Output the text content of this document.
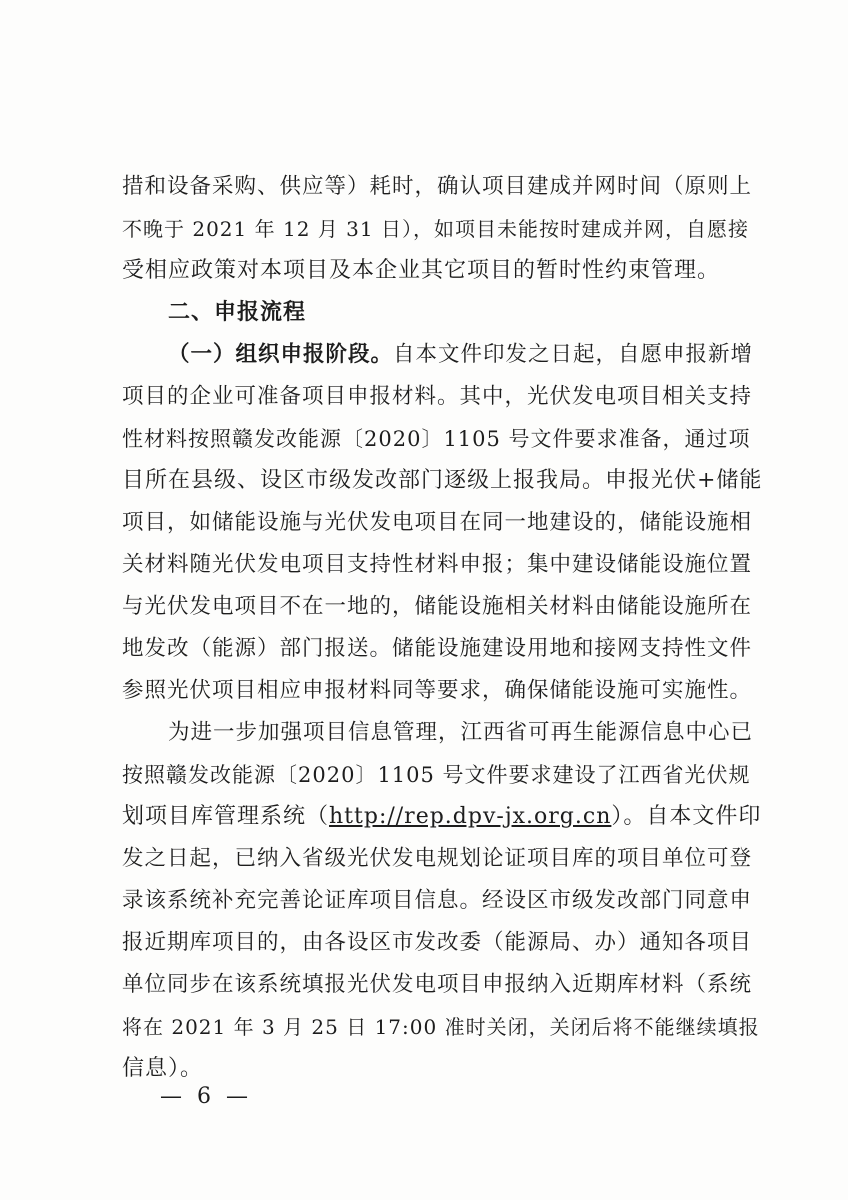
措和设备采购、供应等）耗时，确认项目建成并网时间（原则上
不晚于 2021 年 12 月 31 日），如项目未能按时建成并网，自愿接
受相应政策对本项目及本企业其它项目的暂时性约束管理。
二、申报流程
（一）组织申报阶段。自本文件印发之日起，自愿申报新增
项目的企业可准备项目申报材料。其中，光伏发电项目相关支持
性材料按照赣发改能源〔2020〕1105 号文件要求准备，通过项
目所在县级、设区市级发改部门逐级上报我局。申报光伏+储能
项目，如储能设施与光伏发电项目在同一地建设的，储能设施相
关材料随光伏发电项目支持性材料申报；集中建设储能设施位置
与光伏发电项目不在一地的，储能设施相关材料由储能设施所在
地发改（能源）部门报送。储能设施建设用地和接网支持性文件
参照光伏项目相应申报材料同等要求，确保储能设施可实施性。
为进一步加强项目信息管理，江西省可再生能源信息中心已
按照赣发改能源〔2020〕1105 号文件要求建设了江西省光伏规
划项目库管理系统（http://rep.dpv-jx.org.cn）。自本文件印
发之日起，已纳入省级光伏发电规划论证项目库的项目单位可登
录该系统补充完善论证库项目信息。经设区市级发改部门同意申
报近期库项目的，由各设区市发改委（能源局、办）通知各项目
单位同步在该系统填报光伏发电项目申报纳入近期库材料（系统
将在 2021 年 3 月 25 日 17:00 准时关闭，关闭后将不能继续填报
信息）。
— 6 —
